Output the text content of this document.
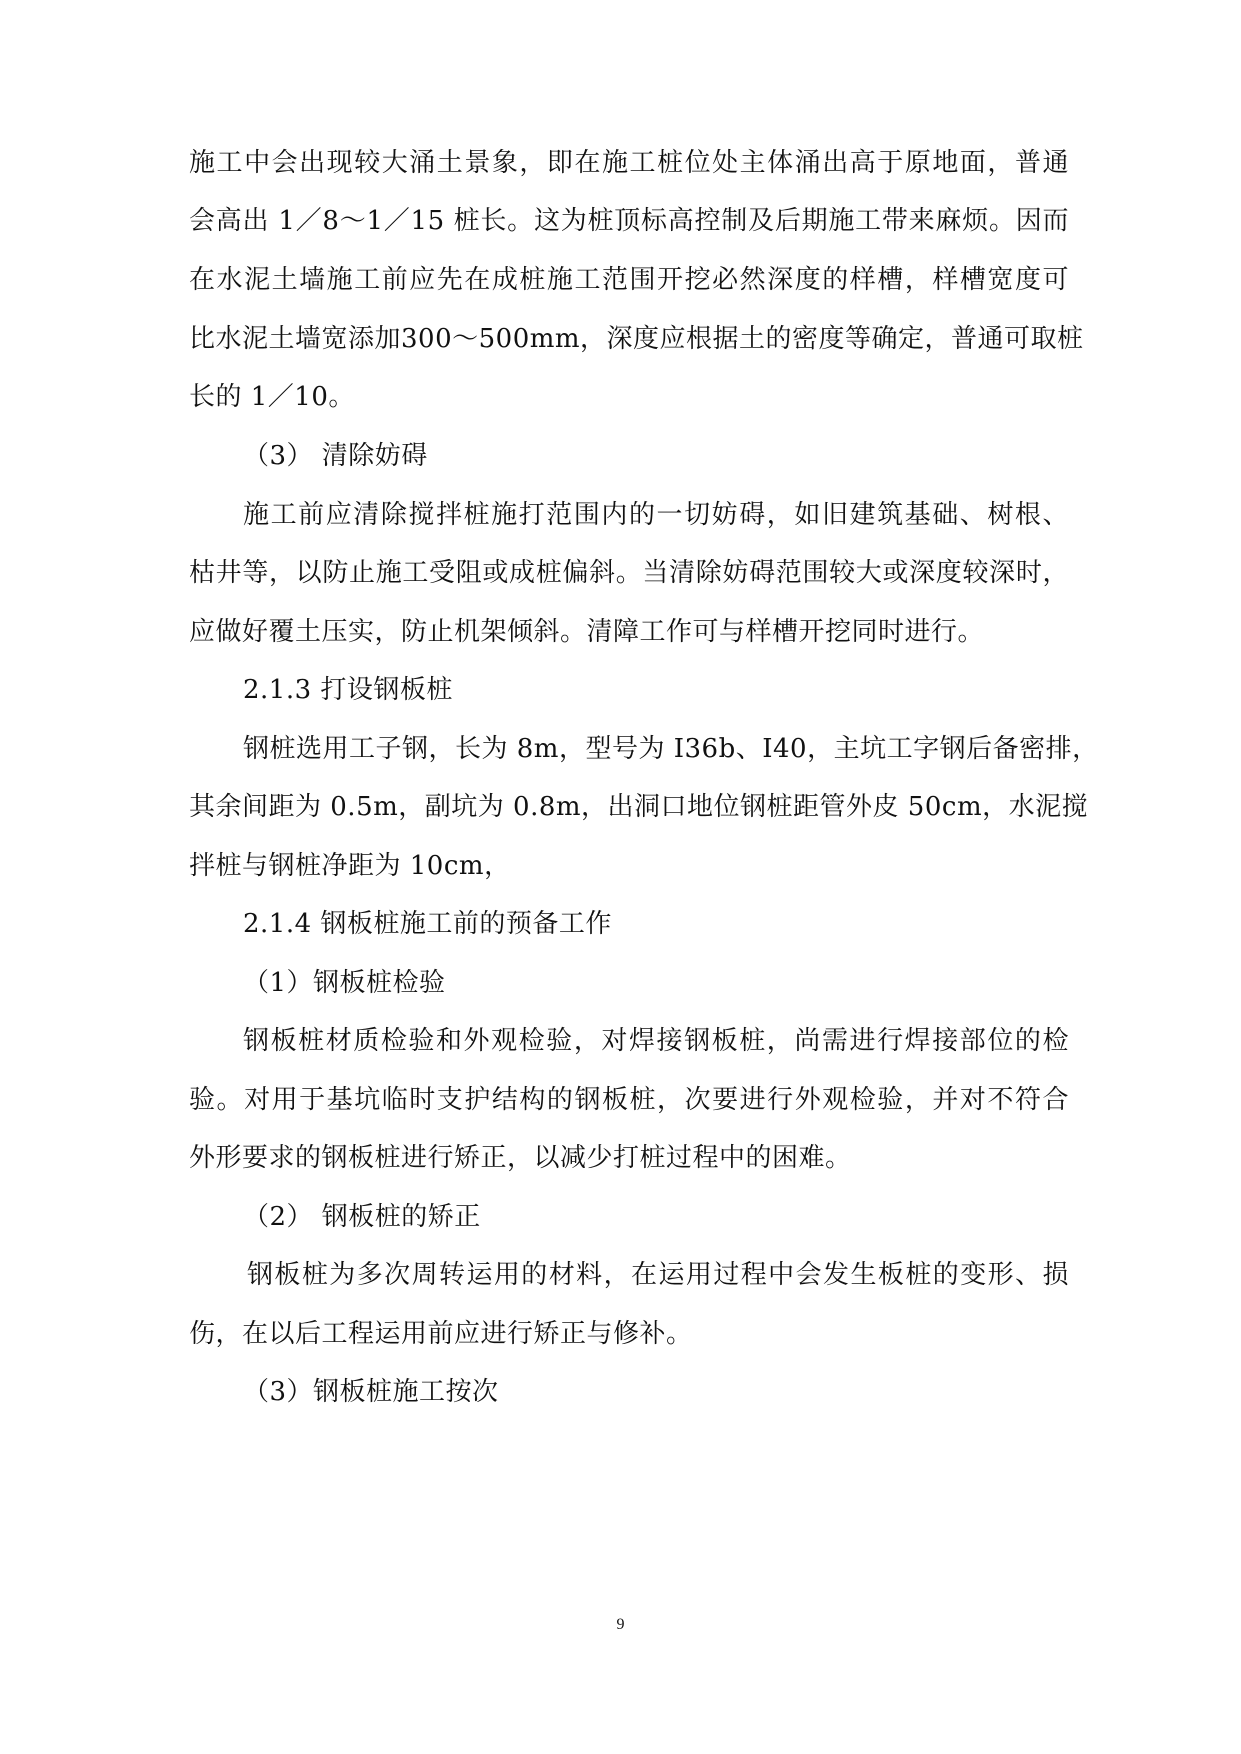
施工中会出现较大涌土景象，即在施工桩位处主体涌出高于原地面，普通
会高出 1／8～1／15 桩长。这为桩顶标高控制及后期施工带来麻烦。因而
在水泥土墙施工前应先在成桩施工范围开挖必然深度的样槽，样槽宽度可
比水泥土墙宽添加300～500mm，深度应根据土的密度等确定，普通可取桩
长的 1／10。
（3） 清除妨碍
施工前应清除搅拌桩施打范围内的一切妨碍，如旧建筑基础、树根、
枯井等，以防止施工受阻或成桩偏斜。当清除妨碍范围较大或深度较深时，
应做好覆土压实，防止机架倾斜。清障工作可与样槽开挖同时进行。
2.1.3 打设钢板桩
钢桩选用工子钢，长为 8m，型号为 I36b、I40，主坑工字钢后备密排，
其余间距为 0.5m，副坑为 0.8m，出洞口地位钢桩距管外皮 50cm，水泥搅
拌桩与钢桩净距为 10cm，
2.1.4 钢板桩施工前的预备工作
（1）钢板桩检验
钢板桩材质检验和外观检验，对焊接钢板桩，尚需进行焊接部位的检
验。对用于基坑临时支护结构的钢板桩，次要进行外观检验，并对不符合
外形要求的钢板桩进行矫正，以减少打桩过程中的困难。
（2） 钢板桩的矫正
钢板桩为多次周转运用的材料，在运用过程中会发生板桩的变形、损
伤，在以后工程运用前应进行矫正与修补。
（3）钢板桩施工按次
9
